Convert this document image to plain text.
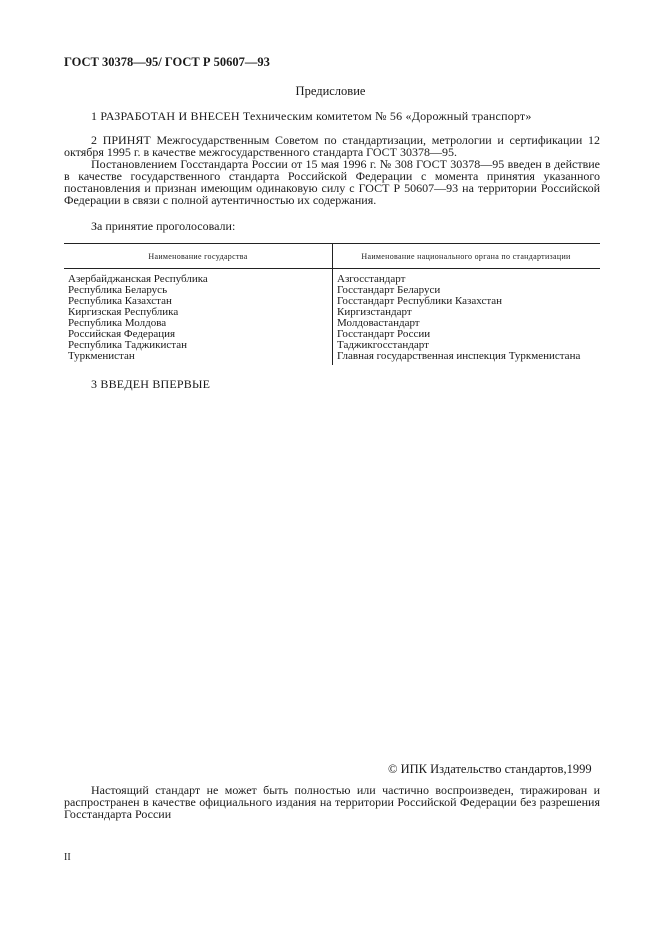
ГОСТ 30378—95/ ГОСТ Р 50607—93
Предисловие
1 РАЗРАБОТАН И ВНЕСЕН Техническим комитетом № 56 «Дорожный транспорт»
2 ПРИНЯТ Межгосударственным Советом по стандартизации, метрологии и сертификации 12 октября 1995 г. в качестве межгосударственного стандарта ГОСТ 30378—95.
Постановлением Госстандарта России от 15 мая 1996 г. № 308 ГОСТ 30378—95 введен в действие в качестве государственного стандарта Российской Федерации с момента принятия указанного постановления и признан имеющим одинаковую силу с ГОСТ Р 50607—93 на территории Российской Федерации в связи с полной аутентичностью их содержания.
За принятие проголосовали:
Наименование государства	Наименование национального органа по стандартизации
Азербайджанская Республика
Республика Беларусь
Республика Казахстан
Киргизская Республика
Республика Молдова
Российская Федерация
Республика Таджикистан
Туркменистан
Азгосстандарт
Госстандарт Беларуси
Госстандарт Республики Казахстан
Киргизстандарт
Молдовастандарт
Госстандарт России
Таджикгосстандарт
Главная государственная инспекция Туркменистана
3 ВВЕДЕН ВПЕРВЫЕ
© ИПК Издательство стандартов,1999
Настоящий стандарт не может быть полностью или частично воспроизведен, тиражирован и распространен в качестве официального издания на территории Российской Федерации без разрешения Госстандарта России
II
